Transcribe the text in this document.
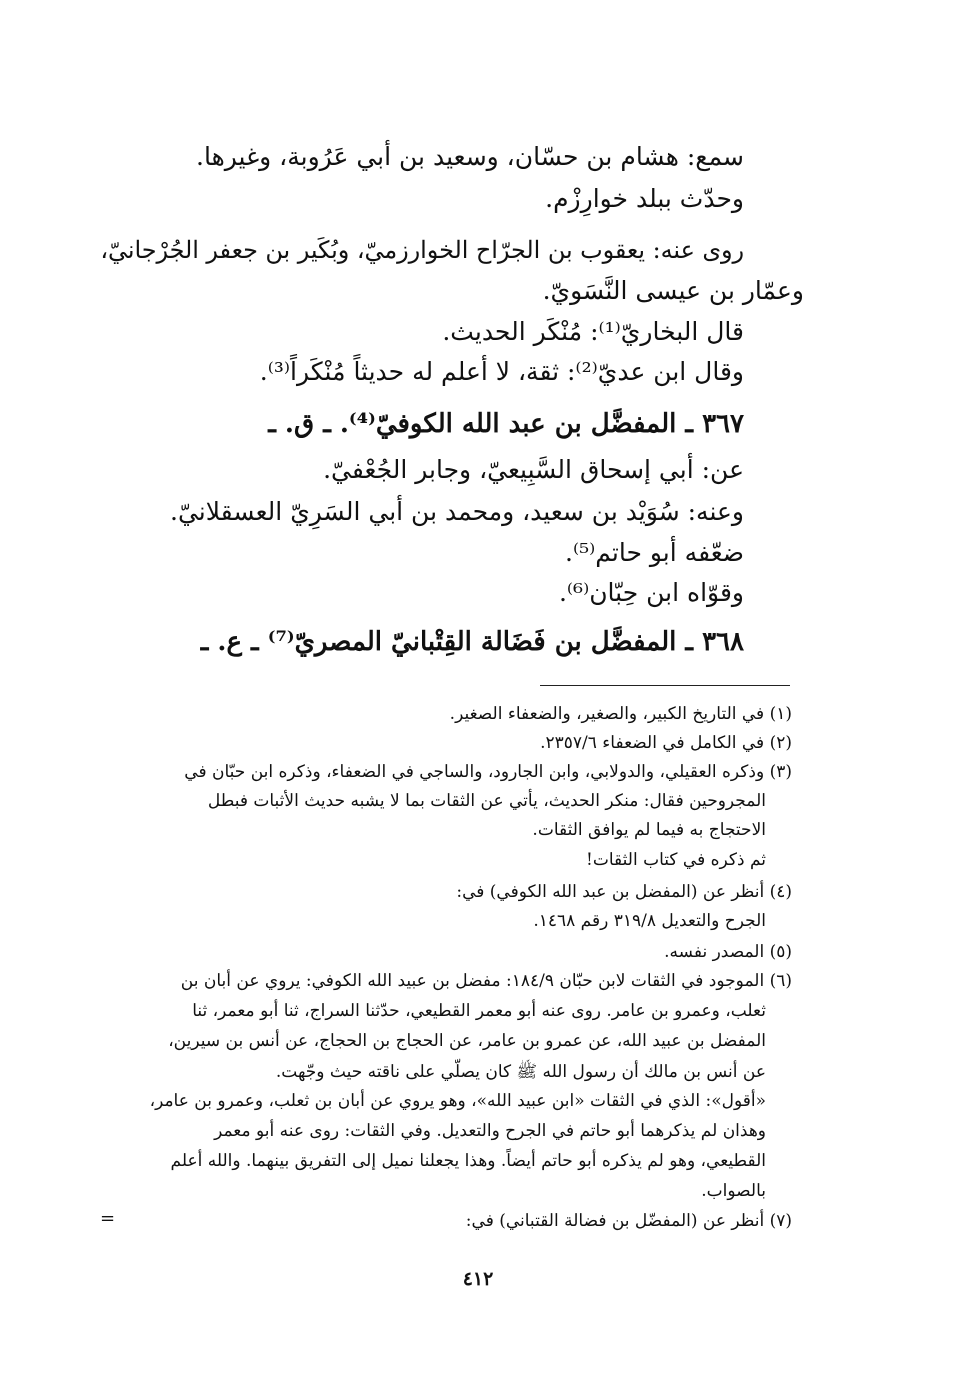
سمع: هشام بن حسّان، وسعيد بن أبي عَرُوبة، وغيرها.
وحدّث ببلد خوارِزْم.
روى عنه: يعقوب بن الجرّاح الخوارزميّ، وبُكَير بن جعفر الجُرْجانيّ،
وعمّار بن عيسى النَّسَويّ.
قال البخاريّ⁽¹⁾: مُنْكَر الحديث.
وقال ابن عديّ⁽²⁾: ثقة، لا أعلم له حديثاً مُنْكَراً⁽³⁾.
٣٦٧ ـ المفضَّل بن عبد الله الكوفيّ⁽⁴⁾. ـ ق. ـ
عن: أبي إسحاق السَّبِيعيّ، وجابر الجُعْفيّ.
وعنه: سُوَيْد بن سعيد، ومحمد بن أبي السَرِيّ العسقلانيّ.
ضعّفه أبو حاتم⁽⁵⁾.
وقوّاه ابن حِبّان⁽⁶⁾.
٣٦٨ ـ المفضَّل بن فَضَالة القِتْبانيّ المصريّ⁽⁷⁾ ـ ع. ـ
(١) في التاريخ الكبير، والصغير، والضعفاء الصغير.
(٢) في الكامل في الضعفاء ٢٣٥٧/٦.
(٣) وذكره العقيلي، والدولابي، وابن الجارود، والساجي في الضعفاء، وذكره ابن حبّان في
المجروحين فقال: منكر الحديث، يأتي عن الثقات بما لا يشبه حديث الأثبات فبطل
الاحتجاج به فيما لم يوافق الثقات.
ثم ذكره في كتاب الثقات!
(٤) أنظر عن (المفضل بن عبد الله الكوفي) في:
الجرح والتعديل ٣١٩/٨ رقم ١٤٦٨.
(٥) المصدر نفسه.
(٦) الموجود في الثقات لابن حبّان ١٨٤/٩: مفضل بن عبيد الله الكوفي: يروي عن أبان بن
ثعلب، وعمرو بن عامر. روى عنه أبو معمر القطيعي، حدّثنا السراج، ثنا أبو معمر، ثنا
المفضل بن عبيد الله، عن عمرو بن عامر، عن الحجاج بن الحجاج، عن أنس بن سيرين،
عن أنس بن مالك أن رسول الله ﷺ كان يصلّي على ناقته حيث وجّهت.
«أقول»: الذي في الثقات «ابن عبيد الله»، وهو يروي عن أبان بن ثعلب، وعمرو بن عامر،
وهذان لم يذكرهما أبو حاتم في الجرح والتعديل. وفي الثقات: روى عنه أبو معمر
القطيعي، وهو لم يذكره أبو حاتم أيضاً. وهذا يجعلنا نميل إلى التفريق بينهما. والله أعلم
بالصواب.
(٧) أنظر عن (المفضّل بن فضالة القتباني) في:
=
٤١٢
